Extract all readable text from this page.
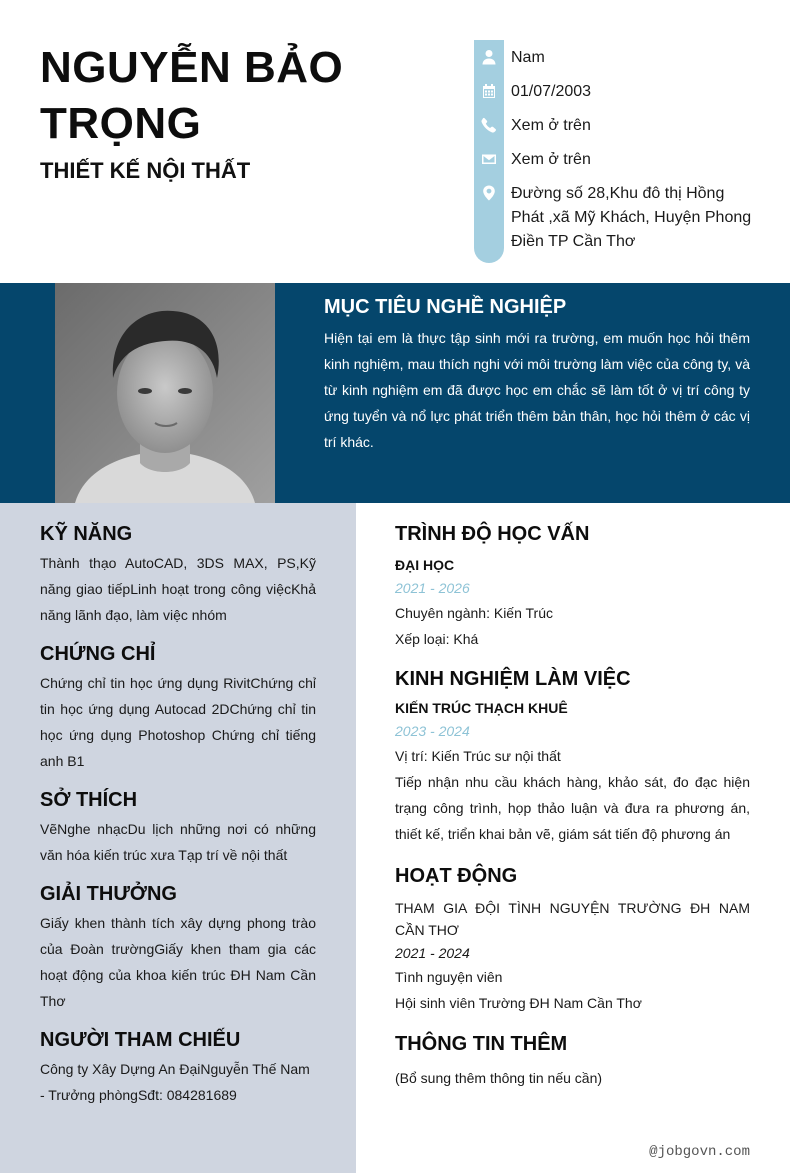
NGUYỄN BẢO TRỌNG
THIẾT KẾ NỘI THẤT
Nam
01/07/2003
Xem ở trên
Xem ở trên
Đường số 28,Khu đô thị Hồng Phát ,xã Mỹ Khách, Huyện Phong Điền TP Cần Thơ
MỤC TIÊU NGHỀ NGHIỆP
Hiện tại em là thực tập sinh mới ra trường, em muốn học hỏi thêm kinh nghiệm, mau thích nghi với môi trường làm việc của công ty, và từ kinh nghiệm em đã được học em chắc sẽ làm tốt ở vị trí công ty ứng tuyển và nổ lực phát triển thêm bản thân, học hỏi thêm ở các vị trí khác.
KỸ NĂNG
Thành thạo AutoCAD, 3DS MAX, PS,Kỹ năng giao tiếpLinh hoạt trong công việcKhả năng lãnh đạo, làm việc nhóm
CHỨNG CHỈ
Chứng chỉ tin học ứng dụng RivitChứng chỉ tin học ứng dụng Autocad 2DChứng chỉ tin học ứng dụng Photoshop Chứng chỉ tiếng anh B1
SỞ THÍCH
VẽNghe nhạcDu lịch những nơi có những văn hóa kiến trúc xưa Tạp trí về nội thất
GIẢI THƯỞNG
Giấy khen thành tích xây dựng phong trào của Đoàn trườngGiấy khen tham gia các hoạt động của khoa kiến trúc ĐH Nam Cần Thơ
NGƯỜI THAM CHIẾU
Công ty Xây Dựng An ĐạiNguyễn Thế Nam - Trưởng phòngSđt: 084281689
TRÌNH ĐỘ HỌC VẤN
ĐẠI HỌC
2021 - 2026
Chuyên ngành: Kiến Trúc
Xếp loại: Khá
KINH NGHIỆM LÀM VIỆC
KIẾN TRÚC THẠCH KHUÊ
2023 - 2024
Vị trí: Kiến Trúc sư nội thất
Tiếp nhận nhu cầu khách hàng, khảo sát, đo đạc hiện trạng công trình, họp thảo luận và đưa ra phương án, thiết kế, triển khai bản vẽ, giám sát tiến độ phương án
HOẠT ĐỘNG
THAM GIA ĐỘI TÌNH NGUYỆN TRƯỜNG ĐH NAM CẦN THƠ
2021 - 2024
Tình nguyện viên
Hội sinh viên Trường ĐH Nam Cần Thơ
THÔNG TIN THÊM
(Bổ sung thêm thông tin nếu cần)
@jobgovn.com
